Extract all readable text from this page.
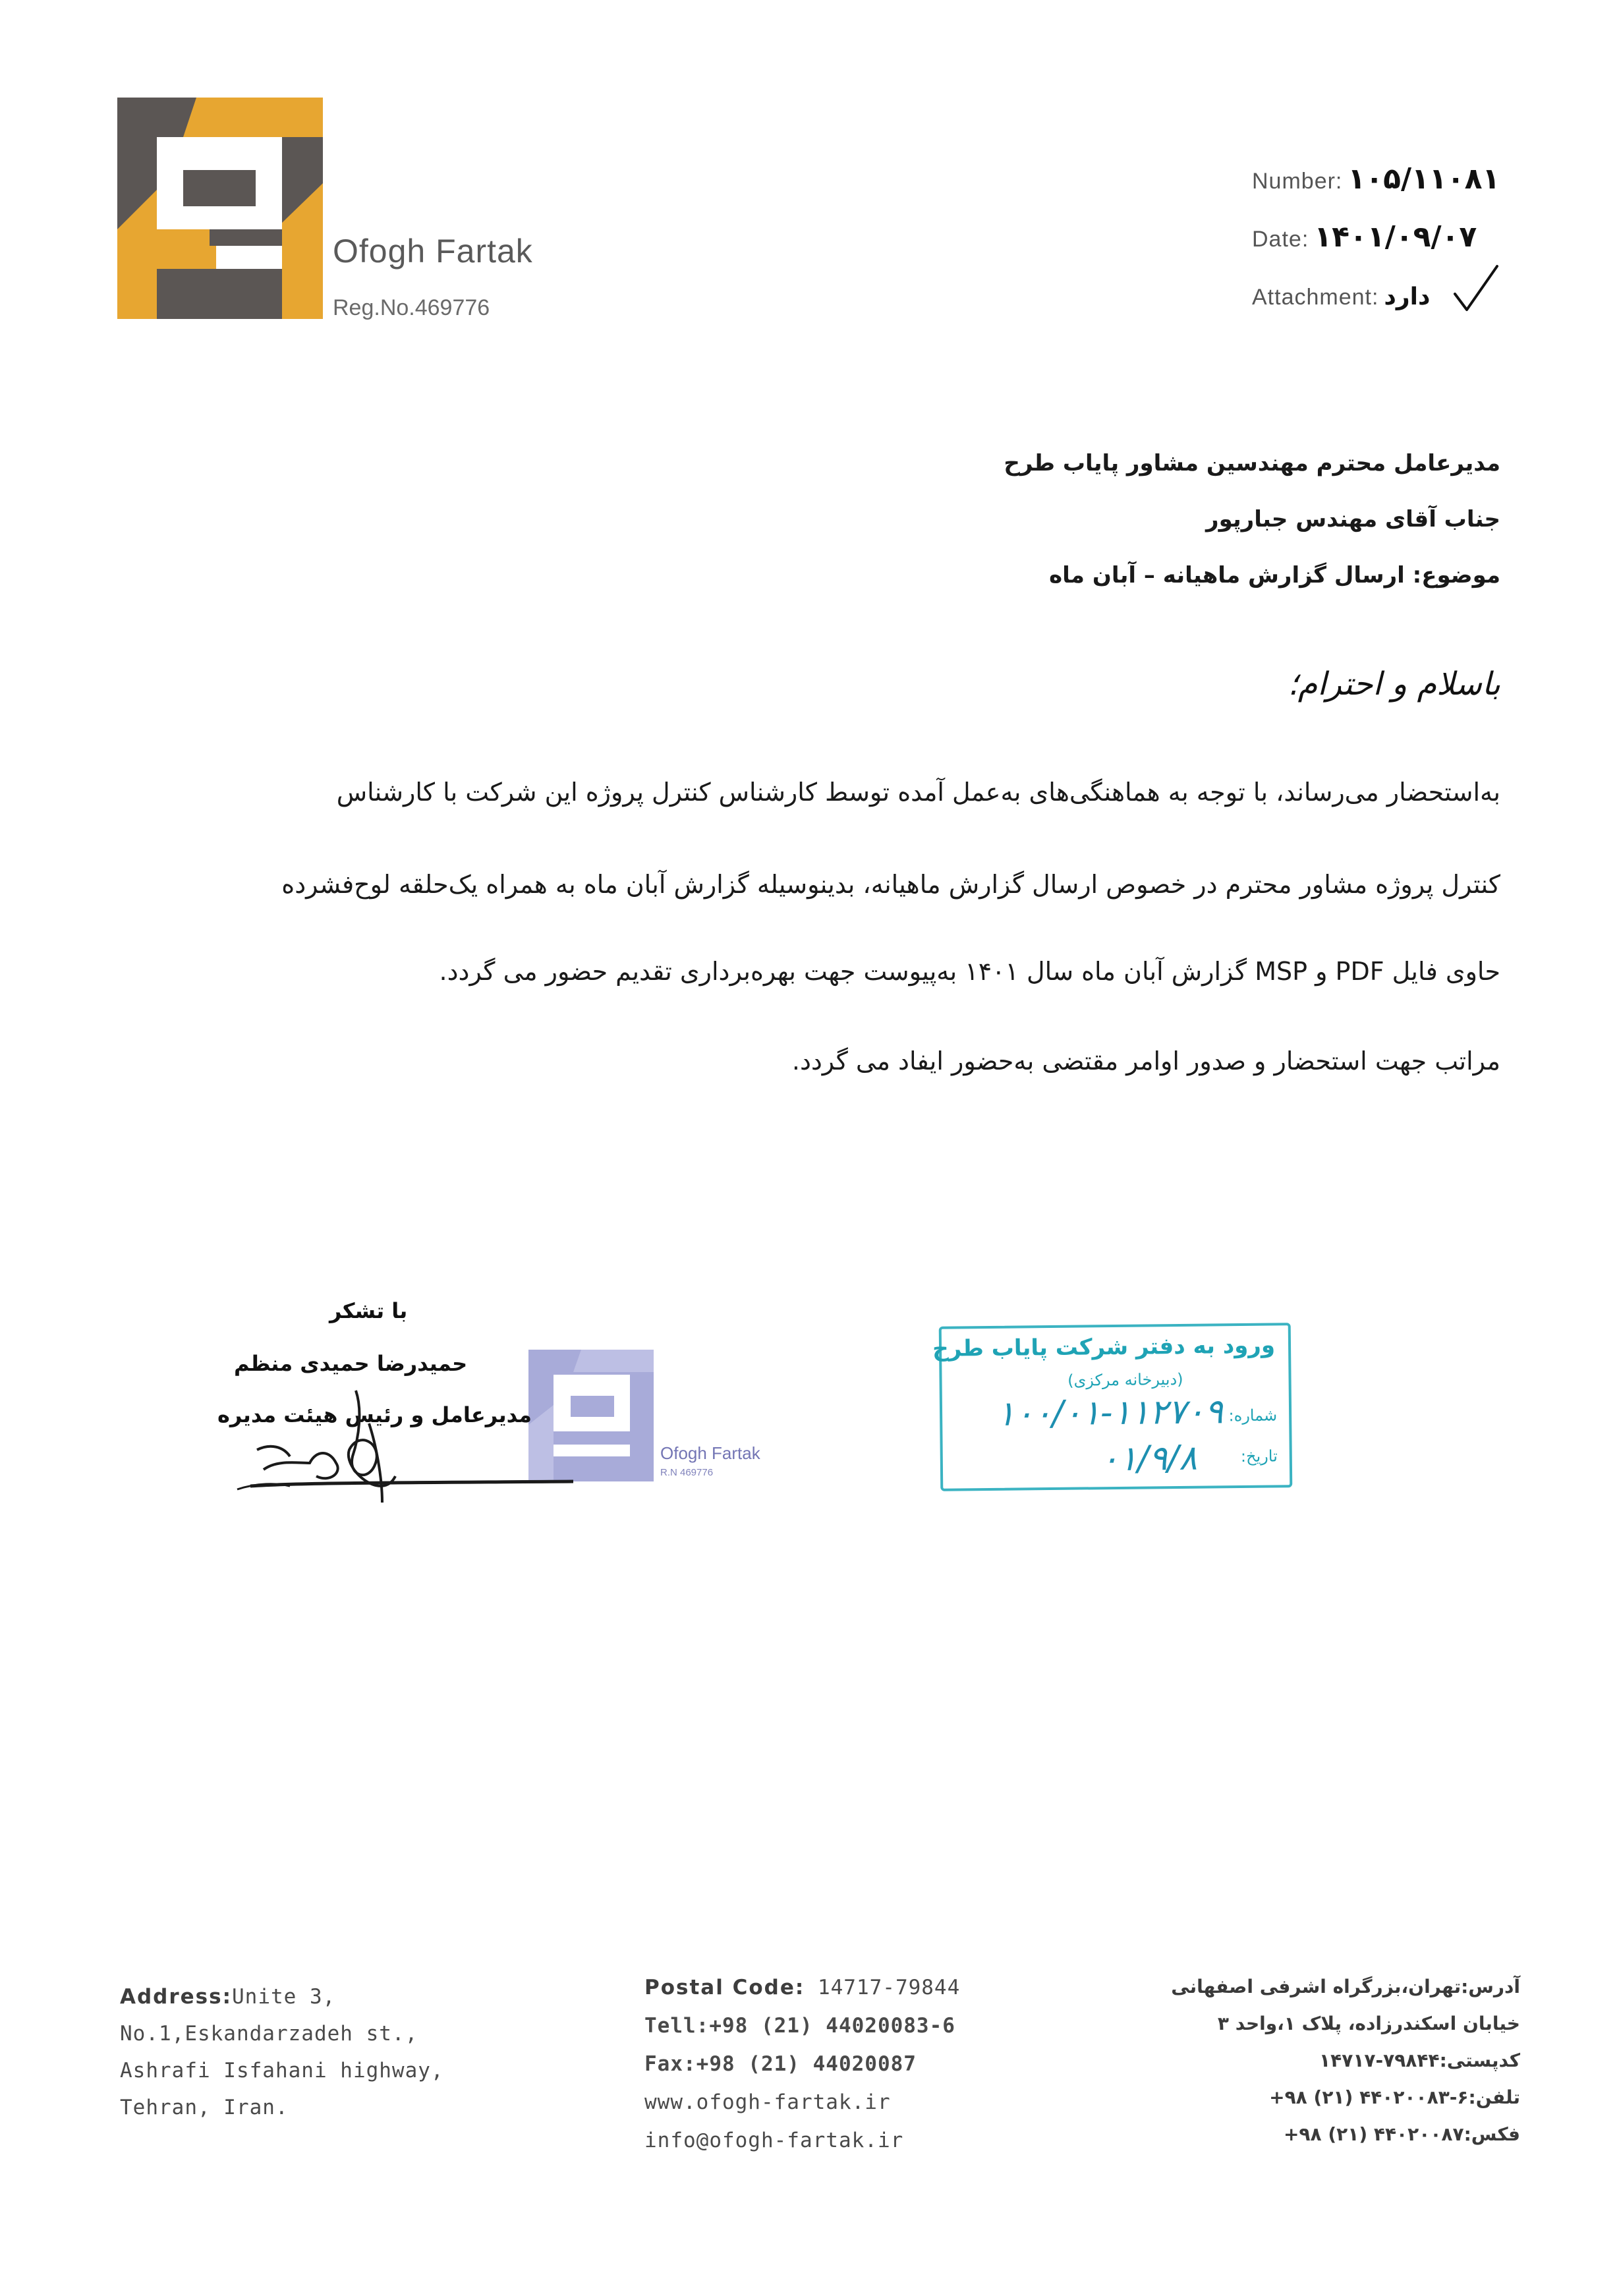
Ofogh Fartak
Reg.No.469776
Number: ۱۰۵/۱۱۰۸۱
Date: ۱۴۰۱/۰۹/۰۷
Attachment: دارد
مدیرعامل محترم مهندسین مشاور پایاب طرح
جناب آقای مهندس جبارپور
موضوع: ارسال گزارش ماهیانه – آبان ماه
باسلام و احترام؛
به‌استحضار می‌رساند، با توجه به هماهنگی‌های به‌عمل آمده توسط کارشناس کنترل پروژه این شرکت با کارشناس
کنترل پروژه مشاور محترم در خصوص ارسال گزارش ماهیانه، بدینوسیله گزارش آبان ماه به همراه یک‌حلقه لوح‌فشرده
حاوی فایل PDF و MSP گزارش آبان ماه سال ۱۴۰۱ به‌پیوست جهت بهره‌برداری تقدیم حضور می گردد.
مراتب جهت استحضار و صدور اوامر مقتضی به‌حضور ایفاد می گردد.
Ofogh Fartak
R.N 469776
با تشکر
حمیدرضا حمیدی منظم
مدیرعامل و رئیس هیئت مدیره
ورود به دفتر شرکت پایاب طرح
(دبیرخانه مرکزی)
شماره:
۱۰۰/۰۱-۱۱۲۷۰۹
تاریخ:
۰۱/۹/۸
Address:Unite 3,
No.1,Eskandarzadeh st.,
Ashrafi Isfahani highway,
Tehran, Iran.
Postal Code: 14717-79844
Tell:+98 (21) 44020083-6
Fax:+98 (21) 44020087
www.ofogh-fartak.ir
info@ofogh-fartak.ir
آدرس:تهران،بزرگراه اشرفی اصفهانی
خیابان اسکندرزاده، پلاک ۱،واحد ۳
کدپستی:۷۹۸۴۴-۱۴۷۱۷
تلفن:۶-۴۴۰۲۰۰۸۳ (۲۱) ۹۸+
فکس:۴۴۰۲۰۰۸۷ (۲۱) ۹۸+
